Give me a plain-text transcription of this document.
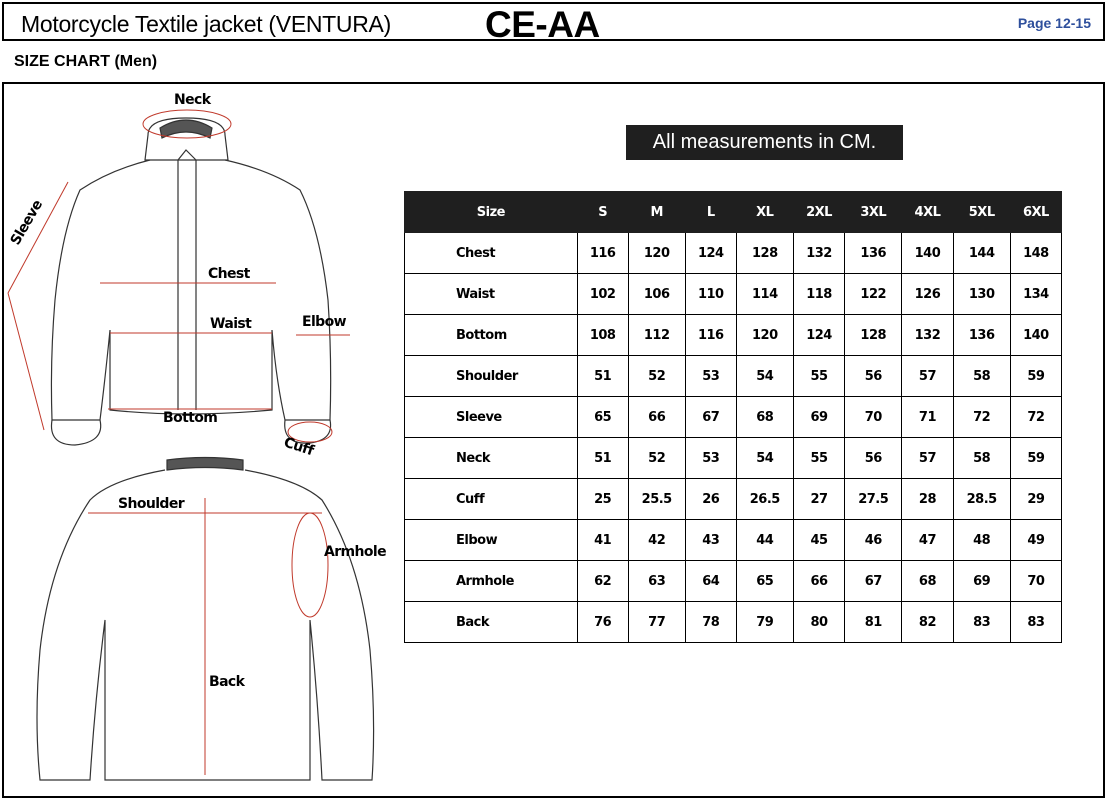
Motorcycle Textile jacket (VENTURA)	CE-AA	Page 12-15
SIZE CHART (Men)
All measurements in CM.
Size	S	M	L	XL	2XL	3XL	4XL	5XL	6XL
Chest	116	120	124	128	132	136	140	144	148
Waist	102	106	110	114	118	122	126	130	134
Bottom	108	112	116	120	124	128	132	136	140
Shoulder	51	52	53	54	55	56	57	58	59
Sleeve	65	66	67	68	69	70	71	72	72
Neck	51	52	53	54	55	56	57	58	59
Cuff	25	25.5	26	26.5	27	27.5	28	28.5	29
Elbow	41	42	43	44	45	46	47	48	49
Armhole	62	63	64	65	66	67	68	69	70
Back	76	77	78	79	80	81	82	83	83
Neck
Sleeve
Chest
Waist	Elbow
Bottom
Cuff
Shoulder
Armhole
Back
